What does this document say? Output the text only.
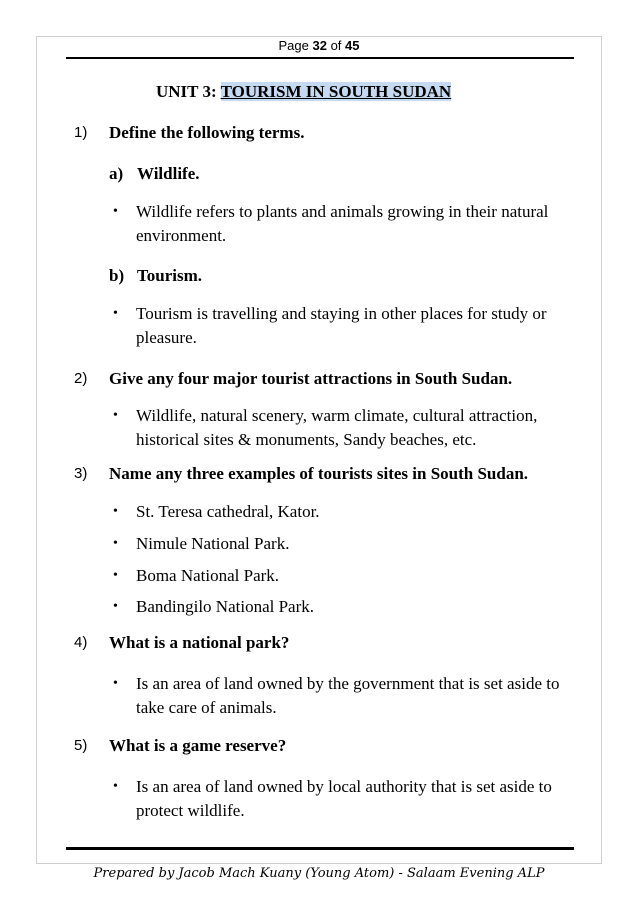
Page 32 of 45
UNIT 3: TOURISM IN SOUTH SUDAN
1) Define the following terms.
a) Wildlife.
• Wildlife refers to plants and animals growing in their natural environment.
b) Tourism.
• Tourism is travelling and staying in other places for study or pleasure.
2) Give any four major tourist attractions in South Sudan.
• Wildlife, natural scenery, warm climate, cultural attraction, historical sites & monuments, Sandy beaches, etc.
3) Name any three examples of tourists sites in South Sudan.
• St. Teresa cathedral, Kator.
• Nimule National Park.
• Boma National Park.
• Bandingilo National Park.
4) What is a national park?
• Is an area of land owned by the government that is set aside to take care of animals.
5) What is a game reserve?
• Is an area of land owned by local authority that is set aside to protect wildlife.
Prepared by Jacob Mach Kuany (Young Atom) - Salaam Evening ALP
